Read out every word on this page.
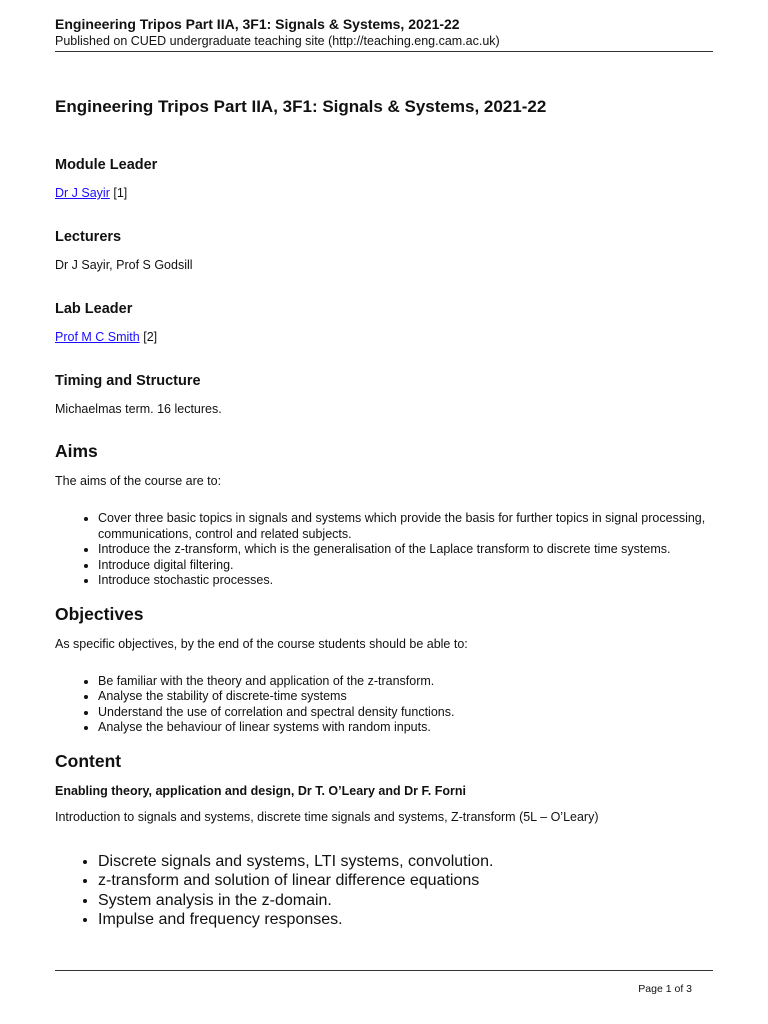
Engineering Tripos Part IIA, 3F1: Signals & Systems, 2021-22
Published on CUED undergraduate teaching site (http://teaching.eng.cam.ac.uk)
Engineering Tripos Part IIA, 3F1: Signals & Systems, 2021-22
Module Leader

Dr J Sayir [1]

Lecturers

Dr J Sayir, Prof S Godsill

Lab Leader

Prof M C Smith [2]

Timing and Structure

Michaelmas term. 16 lectures.

Aims

The aims of the course are to:

• Cover three basic topics in signals and systems which provide the basis for further topics in signal processing, communications, control and related subjects.
• Introduce the z-transform, which is the generalisation of the Laplace transform to discrete time systems.
• Introduce digital filtering.
• Introduce stochastic processes.
Objectives

As specific objectives, by the end of the course students should be able to:

• Be familiar with the theory and application of the z-transform.
• Analyse the stability of discrete-time systems
• Understand the use of correlation and spectral density functions.
• Analyse the behaviour of linear systems with random inputs.
Content

Enabling theory, application and design, Dr T. O’Leary and Dr F. Forni

Introduction to signals and systems, discrete time signals and systems, Z-transform (5L – O’Leary)

• Discrete signals and systems, LTI systems, convolution.
• z-transform and solution of linear difference equations
• System analysis in the z-domain.
• Impulse and frequency responses.
Page 1 of 3
